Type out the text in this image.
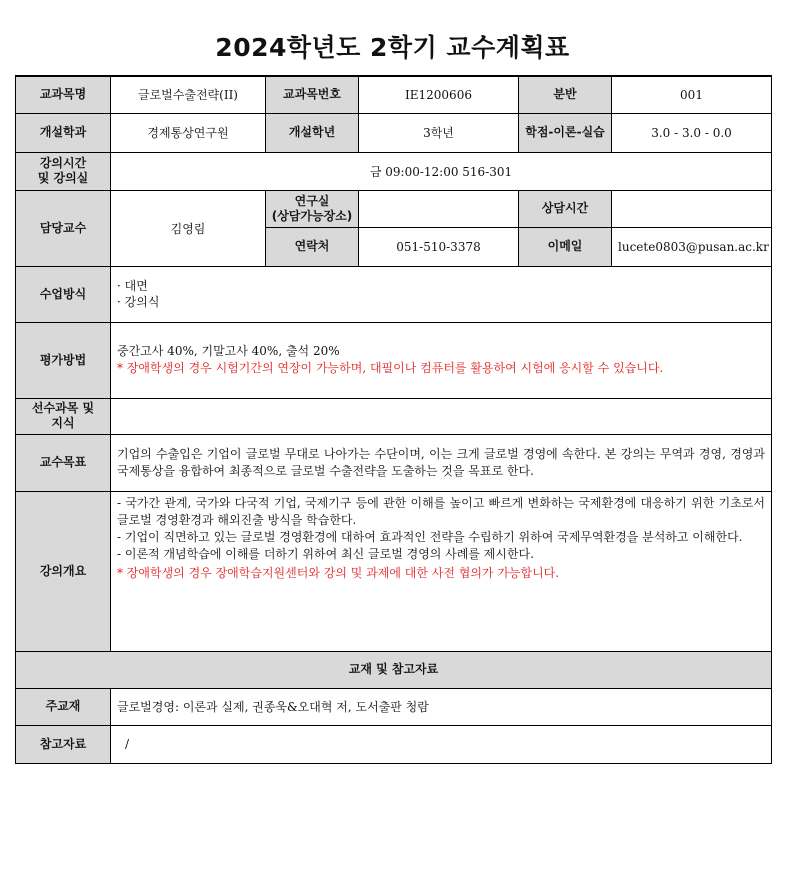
2024학년도 2학기 교수계획표
교과목명	글로벌수출전략(II)	교과목번호	IE1200606	분반	001
개설학과	경제통상연구원	개설학년	3학년	학점-이론-실습	3.0 - 3.0 - 0.0

강의시간
및 강의실	금 09:00-12:00 516-301				
담당교수	김영림	연구실
(상담가능장소)		상담시간	
		연락처	051-510-3378	이메일	lucete0803@pusan.ac.kr
수업방식	· 대면
· 강의식				

평가방법	중간고사 40%, 기말고사 40%, 출석 20%
* 장애학생의 경우 시험기간의 연장이 가능하며, 대필이나 컴퓨터를 활용하여 시험에 응시할 수 있습니다.				

선수과목 및
지식					

교수목표	기업의 수출입은 기업이 글로벌 무대로 나아가는 수단이며, 이는 크게 글로벌 경영에 속한다. 본 강의는 무역과 경영, 경영과 국제통상을 융합하여 최종적으로 글로벌 수출전략을 도출하는 것을 목표로 한다.				

강의개요	- 국가간 관계, 국가와 다국적 기업, 국제기구 등에 관한 이해를 높이고 빠르게 변화하는 국제환경에 대응하기 위한 기초로서 글로벌 경영환경과 해외진출 방식을 학습한다.
- 기업이 직면하고 있는 글로벌 경영환경에 대하여 효과적인 전략을 수립하기 위하여 국제무역환경을 분석하고 이해한다.
- 이론적 개념학습에 이해를 더하기 위하여 최신 글로벌 경영의 사례를 제시한다.
* 장애학생의 경우 장애학습지원센터와 강의 및 과제에 대한 사전 협의가 가능합니다.				

교재 및 참고자료					
주교재	글로벌경영: 이론과 실제, 권종욱&오대혁 저, 도서출판 청람				
참고자료	/				
